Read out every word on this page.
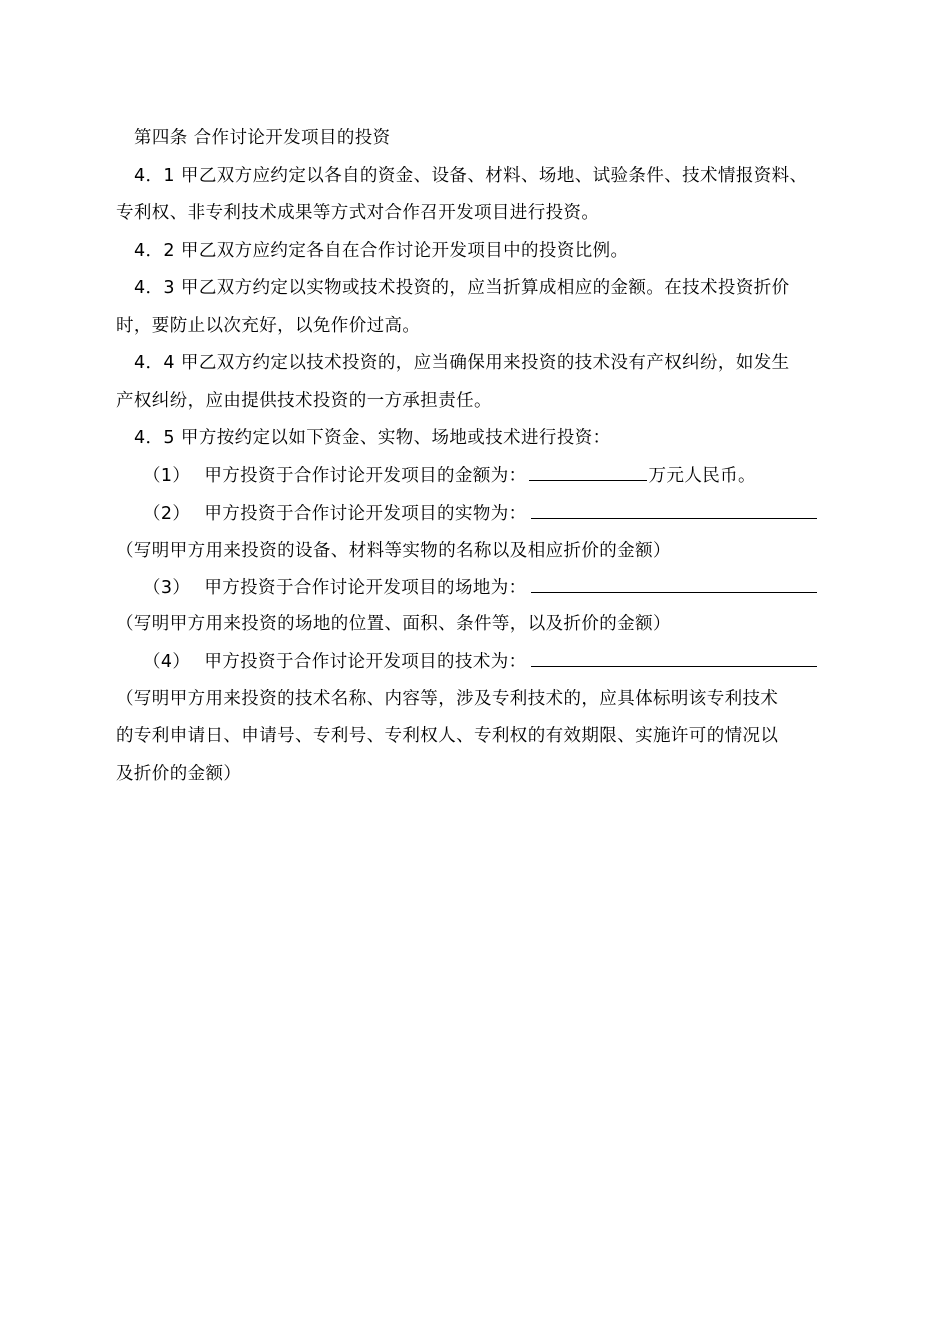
第四条 合作讨论开发项目的投资
4．1 甲乙双方应约定以各自的资金、设备、材料、场地、试验条件、技术情报资料、
专利权、非专利技术成果等方式对合作召开发项目进行投资。
4．2 甲乙双方应约定各自在合作讨论开发项目中的投资比例。
4．3 甲乙双方约定以实物或技术投资的，应当折算成相应的金额。在技术投资折价
时，要防止以次充好，以免作价过高。
4．4 甲乙双方约定以技术投资的，应当确保用来投资的技术没有产权纠纷，如发生
产权纠纷，应由提供技术投资的一方承担责任。
4．5 甲方按约定以如下资金、实物、场地或技术进行投资：
（1） 甲方投资于合作讨论开发项目的金额为：	万元人民币。
（2） 甲方投资于合作讨论开发项目的实物为：
（写明甲方用来投资的设备、材料等实物的名称以及相应折价的金额）
（3） 甲方投资于合作讨论开发项目的场地为：
（写明甲方用来投资的场地的位置、面积、条件等，以及折价的金额）
（4） 甲方投资于合作讨论开发项目的技术为：
（写明甲方用来投资的技术名称、内容等，涉及专利技术的，应具体标明该专利技术
的专利申请日、申请号、专利号、专利权人、专利权的有效期限、实施许可的情况以
及折价的金额）
